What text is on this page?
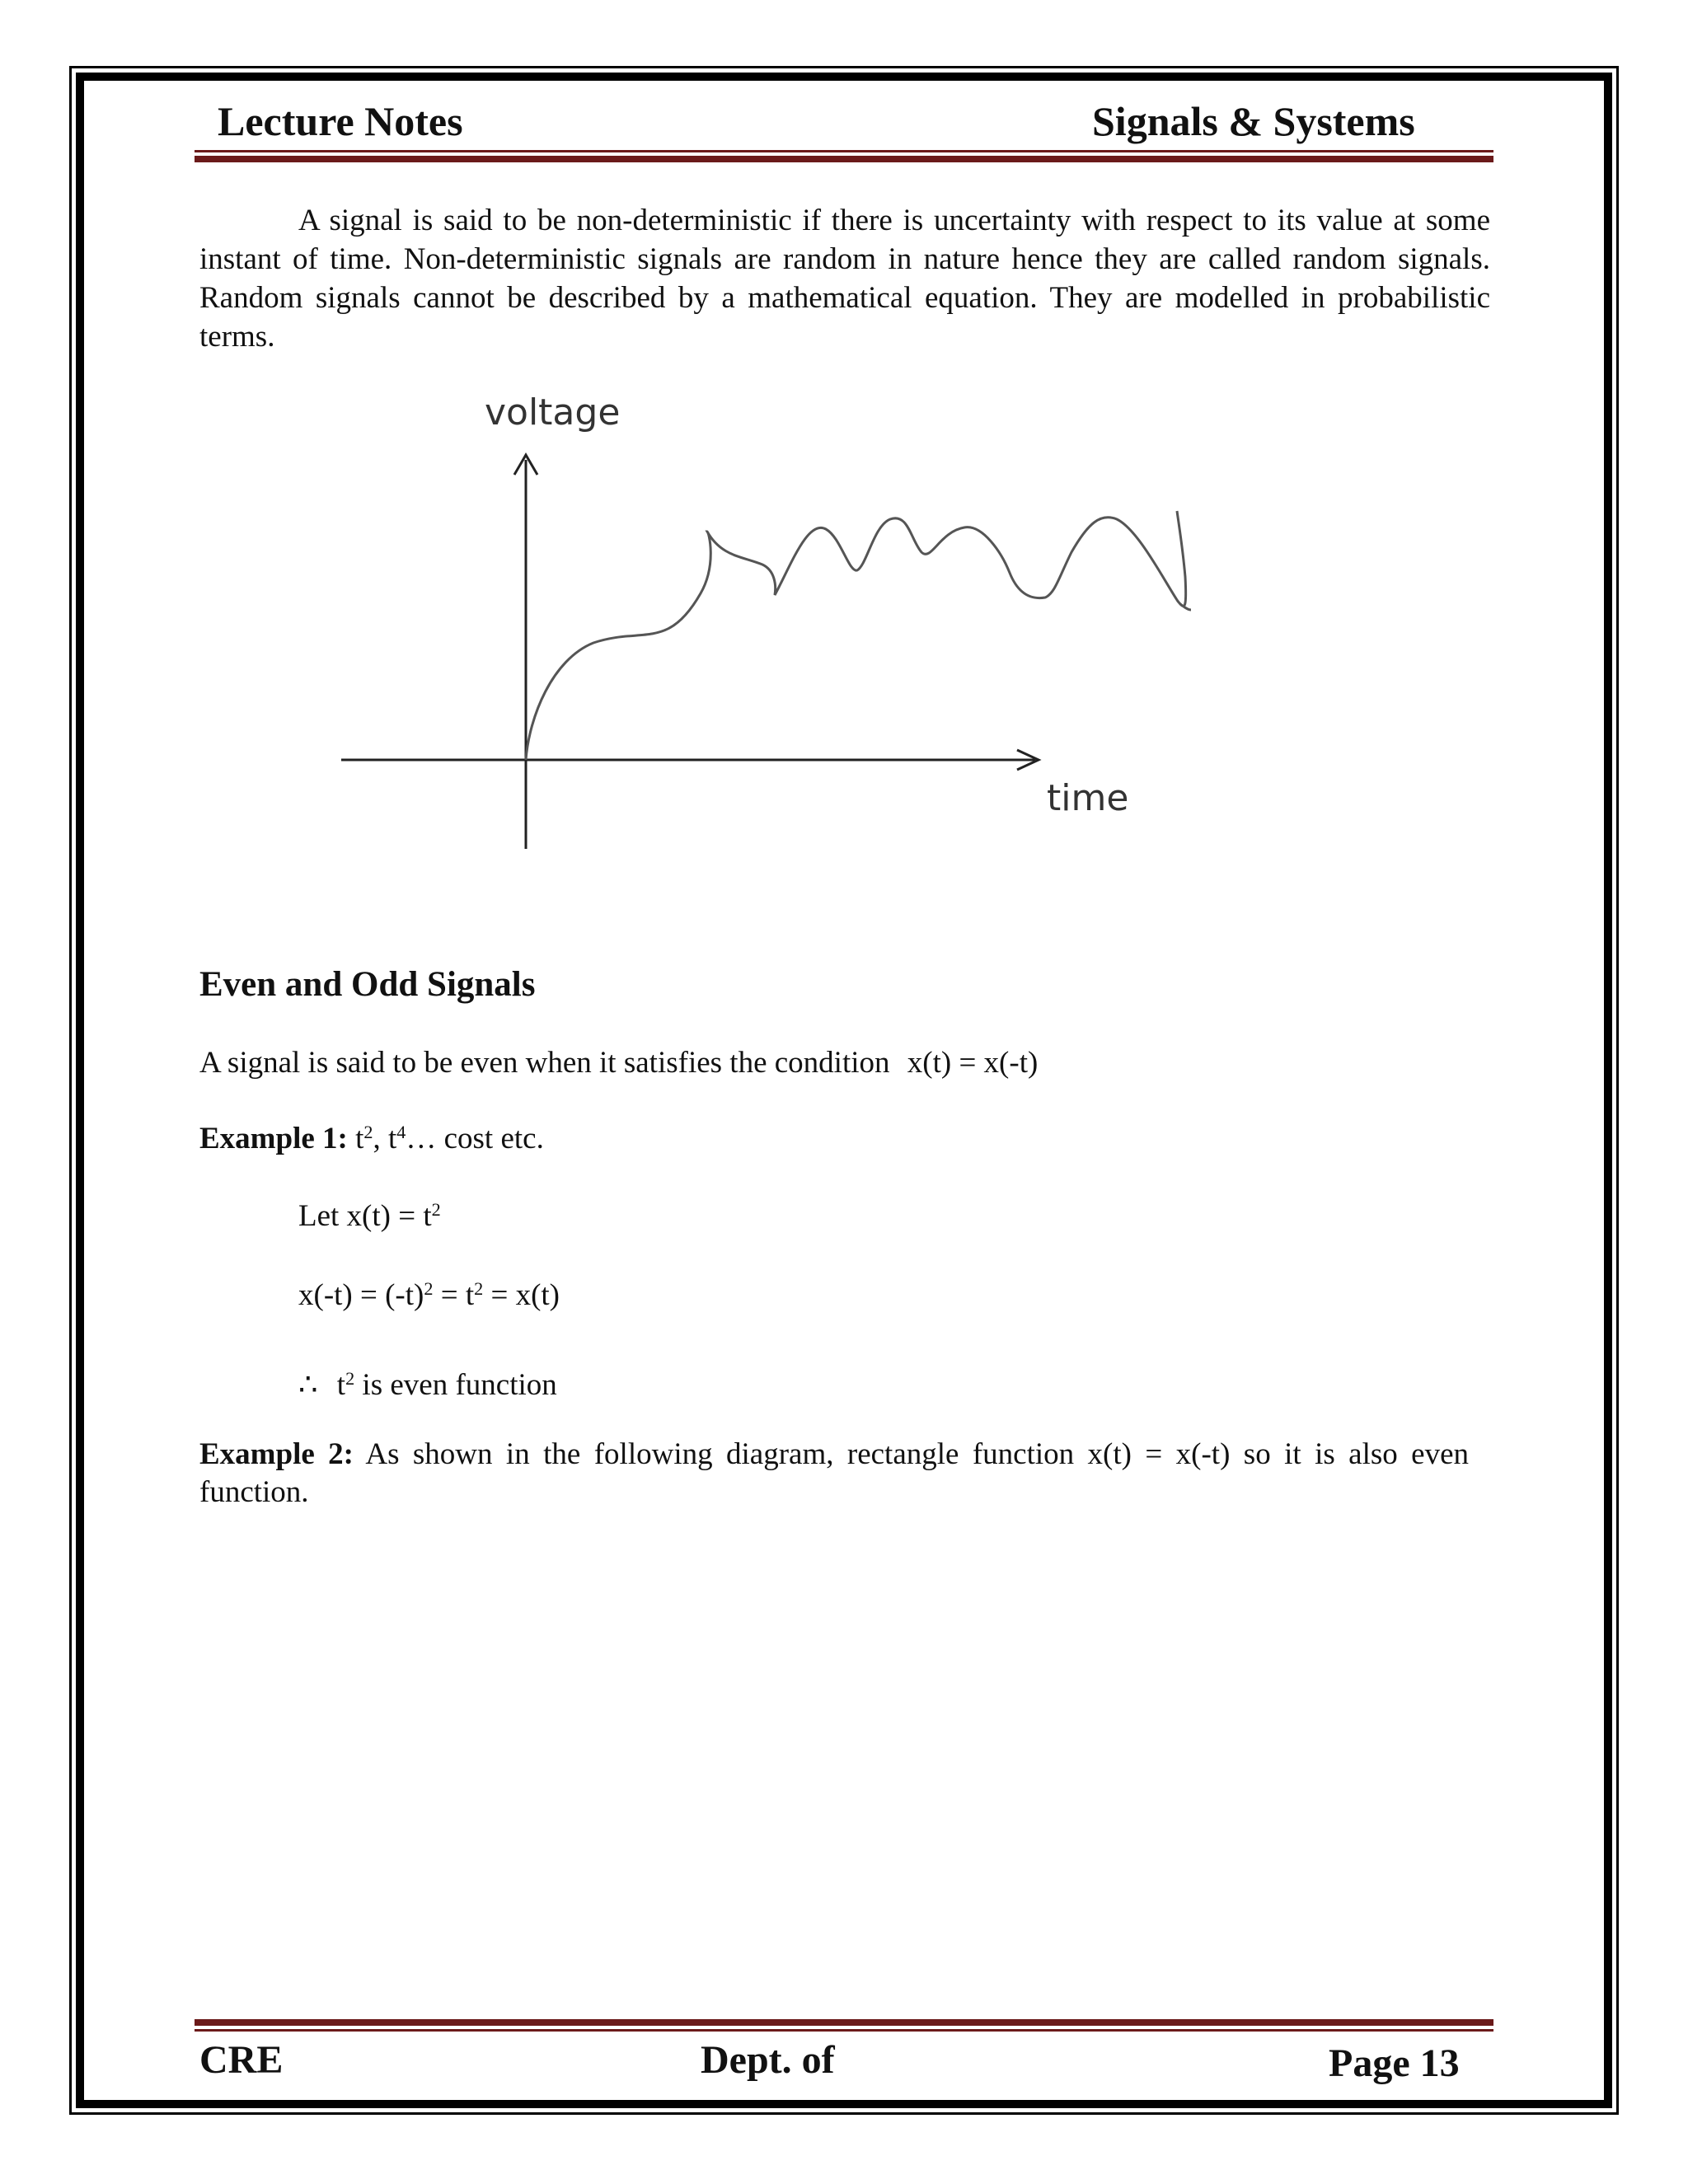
Lecture Notes	Signals & Systems

A signal is said to be non-deterministic if there is uncertainty with respect to its value at some instant of time. Non-deterministic signals are random in nature hence they are called random signals. Random signals cannot be described by a mathematical equation. They are modelled in probabilistic terms.

voltage
time
Even and Odd Signals
A signal is said to be even when it satisfies the condition x(t) = x(-t)
Example 1: $t^2$, $t^4\dots$ cost etc.
Let $x(t) = t^2$
$x(-t) = (-t)^2 = t^2 = x(t)$
∴ $t^2$ is even function

Example 2: As shown in the following diagram, rectangle function x(t) = x(-t) so it is also even function.

CRE	Dept. of	Page 13
